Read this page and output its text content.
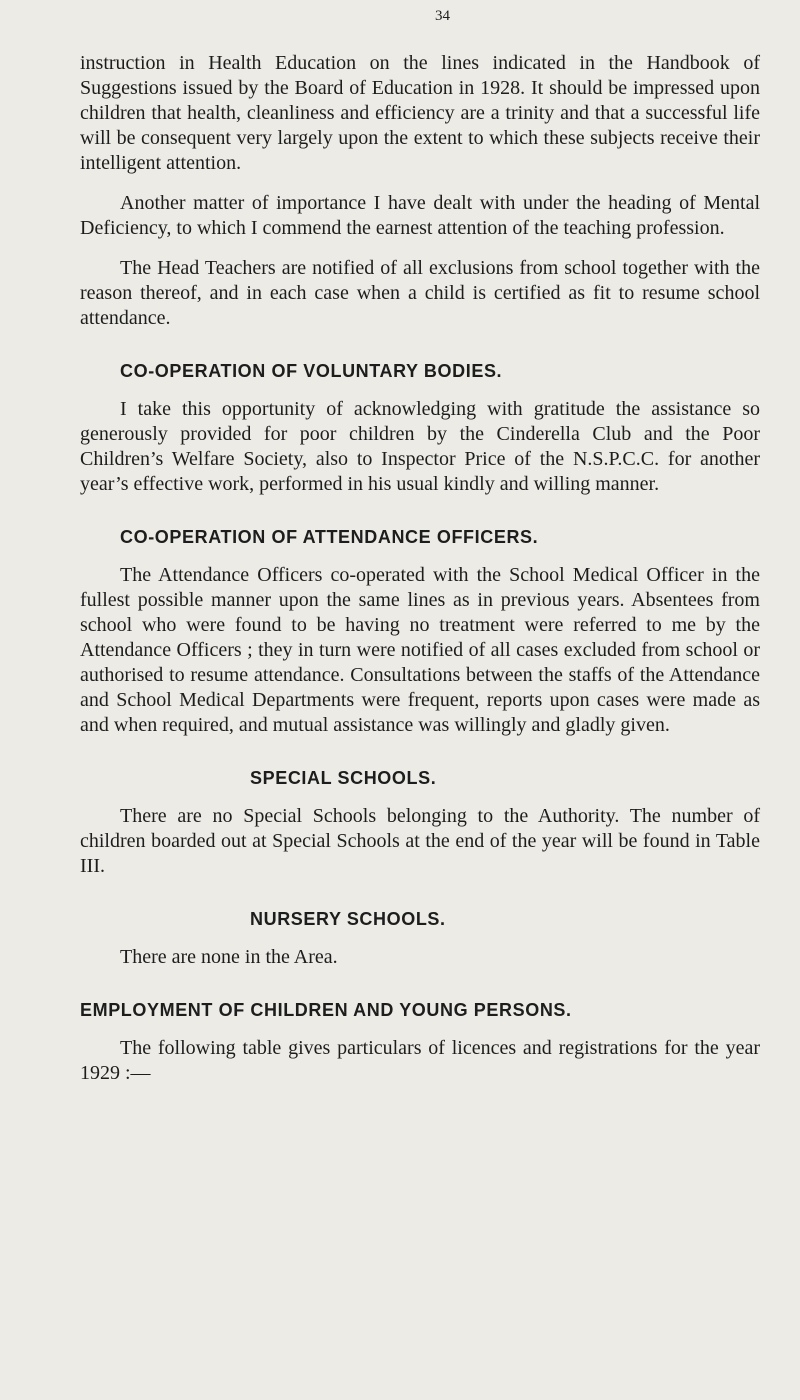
34

instruction in Health Education on the lines indicated in the Handbook of Suggestions issued by the Board of Education in 1928. It should be impressed upon children that health, cleanliness and efficiency are a trinity and that a successful life will be consequent very largely upon the extent to which these subjects receive their intelligent attention.

Another matter of importance I have dealt with under the heading of Mental Deficiency, to which I commend the earnest attention of the teaching profession.

The Head Teachers are notified of all exclusions from school together with the reason thereof, and in each case when a child is certified as fit to resume school attendance.

CO-OPERATION OF VOLUNTARY BODIES.

I take this opportunity of acknowledging with gratitude the assistance so generously provided for poor children by the Cinderella Club and the Poor Children’s Welfare Society, also to Inspector Price of the N.S.P.C.C. for another year’s effective work, performed in his usual kindly and willing manner.

CO-OPERATION OF ATTENDANCE OFFICERS.

The Attendance Officers co-operated with the School Medical Officer in the fullest possible manner upon the same lines as in previous years. Absentees from school who were found to be having no treatment were referred to me by the Attendance Officers ; they in turn were notified of all cases excluded from school or authorised to resume attendance. Consultations between the staffs of the Attendance and School Medical Departments were frequent, reports upon cases were made as and when required, and mutual assistance was willingly and gladly given.

SPECIAL SCHOOLS.

There are no Special Schools belonging to the Authority. The number of children boarded out at Special Schools at the end of the year will be found in Table III.

NURSERY SCHOOLS.

There are none in the Area.

EMPLOYMENT OF CHILDREN AND YOUNG PERSONS.

The following table gives particulars of licences and registrations for the year 1929 :—
